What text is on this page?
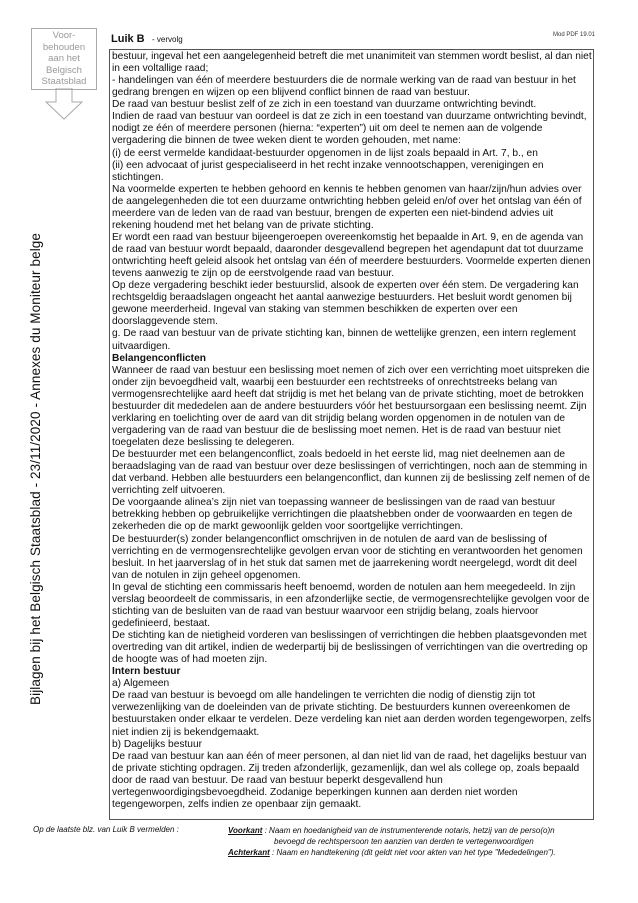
Voor-
behouden
aan het
Belgisch
Staatsblad
Bijlagen bij het Belgisch Staatsblad - 23/11/2020 - Annexes du Moniteur belge
Luik B - vervolg	Mod PDF 19.01

bestuur, ingeval het een aangelegenheid betreft die met unanimiteit van stemmen wordt beslist, al dan niet in een voltallige raad;

- handelingen van één of meerdere bestuurders die de normale werking van de raad van bestuur in het gedrang brengen en wijzen op een blijvend conflict binnen de raad van bestuur.

De raad van bestuur beslist zelf of ze zich in een toestand van duurzame ontwrichting bevindt.

Indien de raad van bestuur van oordeel is dat ze zich in een toestand van duurzame ontwrichting bevindt, nodigt ze één of meerdere personen (hierna: “experten”) uit om deel te nemen aan de volgende vergadering die binnen de twee weken dient te worden gehouden, met name:

(i) de eerst vermelde kandidaat-bestuurder opgenomen in de lijst zoals bepaald in Art. 7, b., en

(ii) een advocaat of jurist gespecialiseerd in het recht inzake vennootschappen, verenigingen en stichtingen.

Na voormelde experten te hebben gehoord en kennis te hebben genomen van haar/zijn/hun advies over de aangelegenheden die tot een duurzame ontwrichting hebben geleid en/of over het ontslag van één of meerdere van de leden van de raad van bestuur, brengen de experten een niet-bindend advies uit rekening houdend met het belang van de private stichting.

Er wordt een raad van bestuur bijeengeroepen overeenkomstig het bepaalde in Art. 9, en de agenda van de raad van bestuur wordt bepaald, daaronder desgevallend begrepen het agendapunt dat tot duurzame ontwrichting heeft geleid alsook het ontslag van één of meerdere bestuurders. Voormelde experten dienen tevens aanwezig te zijn op de eerstvolgende raad van bestuur.

Op deze vergadering beschikt ieder bestuurslid, alsook de experten over één stem. De vergadering kan rechtsgeldig beraadslagen ongeacht het aantal aanwezige bestuurders. Het besluit wordt genomen bij gewone meerderheid. Ingeval van staking van stemmen beschikken de experten over een doorslaggevende stem.

g. De raad van bestuur van de private stichting kan, binnen de wettelijke grenzen, een intern reglement uitvaardigen.

Belangenconflicten

Wanneer de raad van bestuur een beslissing moet nemen of zich over een verrichting moet uitspreken die onder zijn bevoegdheid valt, waarbij een bestuurder een rechtstreeks of onrechtstreeks belang van vermogensrechtelijke aard heeft dat strijdig is met het belang van de private stichting, moet de betrokken bestuurder dit mededelen aan de andere bestuurders vóór het bestuursorgaan een beslissing neemt. Zijn verklaring en toelichting over de aard van dit strijdig belang worden opgenomen in de notulen van de vergadering van de raad van bestuur die de beslissing moet nemen. Het is de raad van bestuur niet toegelaten deze beslissing te delegeren.

De bestuurder met een belangenconflict, zoals bedoeld in het eerste lid, mag niet deelnemen aan de beraadslaging van de raad van bestuur over deze beslissingen of verrichtingen, noch aan de stemming in dat verband. Hebben alle bestuurders een belangenconflict, dan kunnen zij de beslissing zelf nemen of de verrichting zelf uitvoeren.

De voorgaande alinea’s zijn niet van toepassing wanneer de beslissingen van de raad van bestuur betrekking hebben op gebruikelijke verrichtingen die plaatshebben onder de voorwaarden en tegen de zekerheden die op de markt gewoonlijk gelden voor soortgelijke verrichtingen.

De bestuurder(s) zonder belangenconflict omschrijven in de notulen de aard van de beslissing of verrichting en de vermogensrechtelijke gevolgen ervan voor de stichting en verantwoorden het genomen besluit. In het jaarverslag of in het stuk dat samen met de jaarrekening wordt neergelegd, wordt dit deel van de notulen in zijn geheel opgenomen.

In geval de stichting een commissaris heeft benoemd, worden de notulen aan hem meegedeeld. In zijn verslag beoordeelt de commissaris, in een afzonderlijke sectie, de vermogensrechtelijke gevolgen voor de stichting van de besluiten van de raad van bestuur waarvoor een strijdig belang, zoals hiervoor gedefinieerd, bestaat.

De stichting kan de nietigheid vorderen van beslissingen of verrichtingen die hebben plaatsgevonden met overtreding van dit artikel, indien de wederpartij bij de beslissingen of verrichtingen van die overtreding op de hoogte was of had moeten zijn.

Intern bestuur

a) Algemeen

De raad van bestuur is bevoegd om alle handelingen te verrichten die nodig of dienstig zijn tot verwezenlijking van de doeleinden van de private stichting. De bestuurders kunnen overeenkomen de bestuurstaken onder elkaar te verdelen. Deze verdeling kan niet aan derden worden tegengeworpen, zelfs niet indien zij is bekendgemaakt.

b) Dagelijks bestuur

De raad van bestuur kan aan één of meer personen, al dan niet lid van de raad, het dagelijks bestuur van de private stichting opdragen. Zij treden afzonderlijk, gezamenlijk, dan wel als college op, zoals bepaald door de raad van bestuur. De raad van bestuur beperkt desgevallend hun vertegenwoordigingsbevoegdheid. Zodanige beperkingen kunnen aan derden niet worden tegengeworpen, zelfs indien ze openbaar zijn gemaakt.

Op de laatste blz. van Luik B vermelden :	Voorkant : Naam en hoedanigheid van de instrumenterende notaris, hetzij van de perso(o)n
bevoegd de rechtspersoon ten aanzien van derden te vertegenwoordigen
Achterkant : Naam en handtekening (dit geldt niet voor akten van het type "Mededelingen").
